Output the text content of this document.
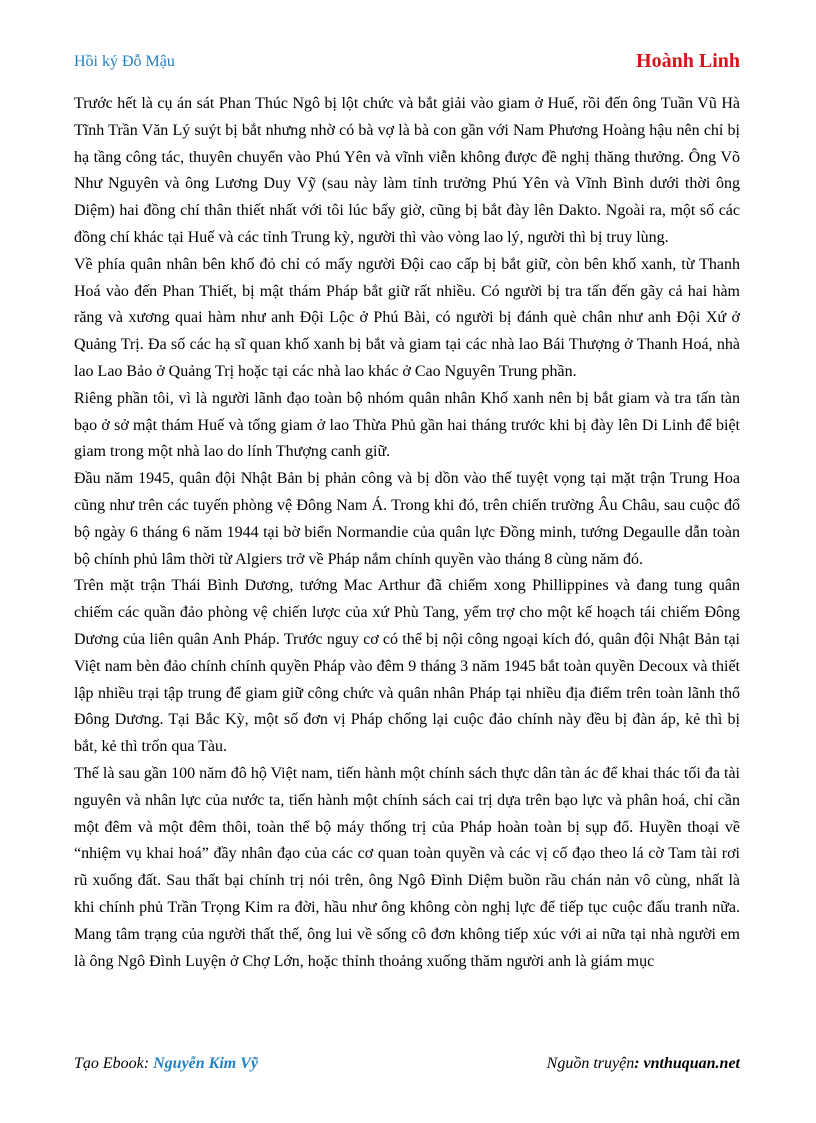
Hồi ký Đỗ Mậu	Hoành Linh

Trước hết là cụ án sát Phan Thúc Ngô bị lột chức và bắt giải vào giam ở Huế, rồi đến ông Tuần Vũ Hà Tĩnh Trần Văn Lý suýt bị bắt nhưng nhờ có bà vợ là bà con gần với Nam Phương Hoàng hậu nên chỉ bị hạ tầng công tác, thuyên chuyển vào Phú Yên và vĩnh viễn không được đề nghị thăng thưởng. Ông Võ Như Nguyên và ông Lương Duy Vỹ (sau này làm tỉnh trưởng Phú Yên và Vĩnh Bình dưới thời ông Diệm) hai đồng chí thân thiết nhất với tôi lúc bấy giờ, cũng bị bắt đày lên Dakto. Ngoài ra, một số các đồng chí khác tại Huế và các tỉnh Trung kỳ, người thì vào vòng lao lý, người thì bị truy lùng.

Về phía quân nhân bên khố đỏ chỉ có mấy người Đội cao cấp bị bắt giữ, còn bên khố xanh, từ Thanh Hoá vào đến Phan Thiết, bị mật thám Pháp bắt giữ rất nhiều. Có người bị tra tấn đến gãy cả hai hàm răng và xương quai hàm như anh Đội Lộc ở Phú Bài, có người bị đánh què chân như anh Đội Xứ ở Quảng Trị. Đa số các hạ sĩ quan khố xanh bị bắt và giam tại các nhà lao Bái Thượng ở Thanh Hoá, nhà lao Lao Bảo ở Quảng Trị hoặc tại các nhà lao khác ở Cao Nguyên Trung phần.

Riêng phần tôi, vì là người lãnh đạo toàn bộ nhóm quân nhân Khố xanh nên bị bắt giam và tra tấn tàn bạo ở sở mật thám Huế và tống giam ở lao Thừa Phủ gần hai tháng trước khi bị đày lên Di Linh để biệt giam trong một nhà lao do lính Thượng canh giữ.

Đầu năm 1945, quân đội Nhật Bản bị phản công và bị dồn vào thế tuyệt vọng tại mặt trận Trung Hoa cũng như trên các tuyến phòng vệ Đông Nam Á. Trong khi đó, trên chiến trường Âu Châu, sau cuộc đổ bộ ngày 6 tháng 6 năm 1944 tại bờ biển Normandie của quân lực Đồng minh, tướng Degaulle dẫn toàn bộ chính phủ lâm thời từ Algiers trở về Pháp nắm chính quyền vào tháng 8 cùng năm đó.

Trên mặt trận Thái Bình Dương, tướng Mac Arthur đã chiếm xong Phillippines và đang tung quân chiếm các quần đảo phòng vệ chiến lược của xứ Phù Tang, yểm trợ cho một kế hoạch tái chiếm Đông Dương của liên quân Anh Pháp. Trước nguy cơ có thể bị nội công ngoại kích đó, quân đội Nhật Bản tại Việt nam bèn đảo chính chính quyền Pháp vào đêm 9 tháng 3 năm 1945 bắt toàn quyền Decoux và thiết lập nhiều trại tập trung để giam giữ công chức và quân nhân Pháp tại nhiều địa điểm trên toàn lãnh thổ Đông Dương. Tại Bắc Kỳ, một số đơn vị Pháp chống lại cuộc đảo chính này đều bị đàn áp, kẻ thì bị bắt, kẻ thì trốn qua Tàu.

Thế là sau gần 100 năm đô hộ Việt nam, tiến hành một chính sách thực dân tàn ác để khai thác tối đa tài nguyên và nhân lực của nước ta, tiến hành một chính sách cai trị dựa trên bạo lực và phân hoá, chỉ cần một đêm và một đêm thôi, toàn thể bộ máy thống trị của Pháp hoàn toàn bị sụp đổ. Huyền thoại về “nhiệm vụ khai hoá” đầy nhân đạo của các cơ quan toàn quyền và các vị cố đạo theo lá cờ Tam tài rơi rũ xuống đất. Sau thất bại chính trị nói trên, ông Ngô Đình Diệm buồn rầu chán nản vô cùng, nhất là khi chính phủ Trần Trọng Kim ra đời, hầu như ông không còn nghị lực để tiếp tục cuộc đấu tranh nữa. Mang tâm trạng của người thất thế, ông lui về sống cô đơn không tiếp xúc với ai nữa tại nhà người em là ông Ngô Đình Luyện ở Chợ Lớn, hoặc thỉnh thoảng xuống thăm người anh là giám mục

Tạo Ebook: Nguyễn Kim Vỹ	Nguồn truyện: vnthuquan.net
